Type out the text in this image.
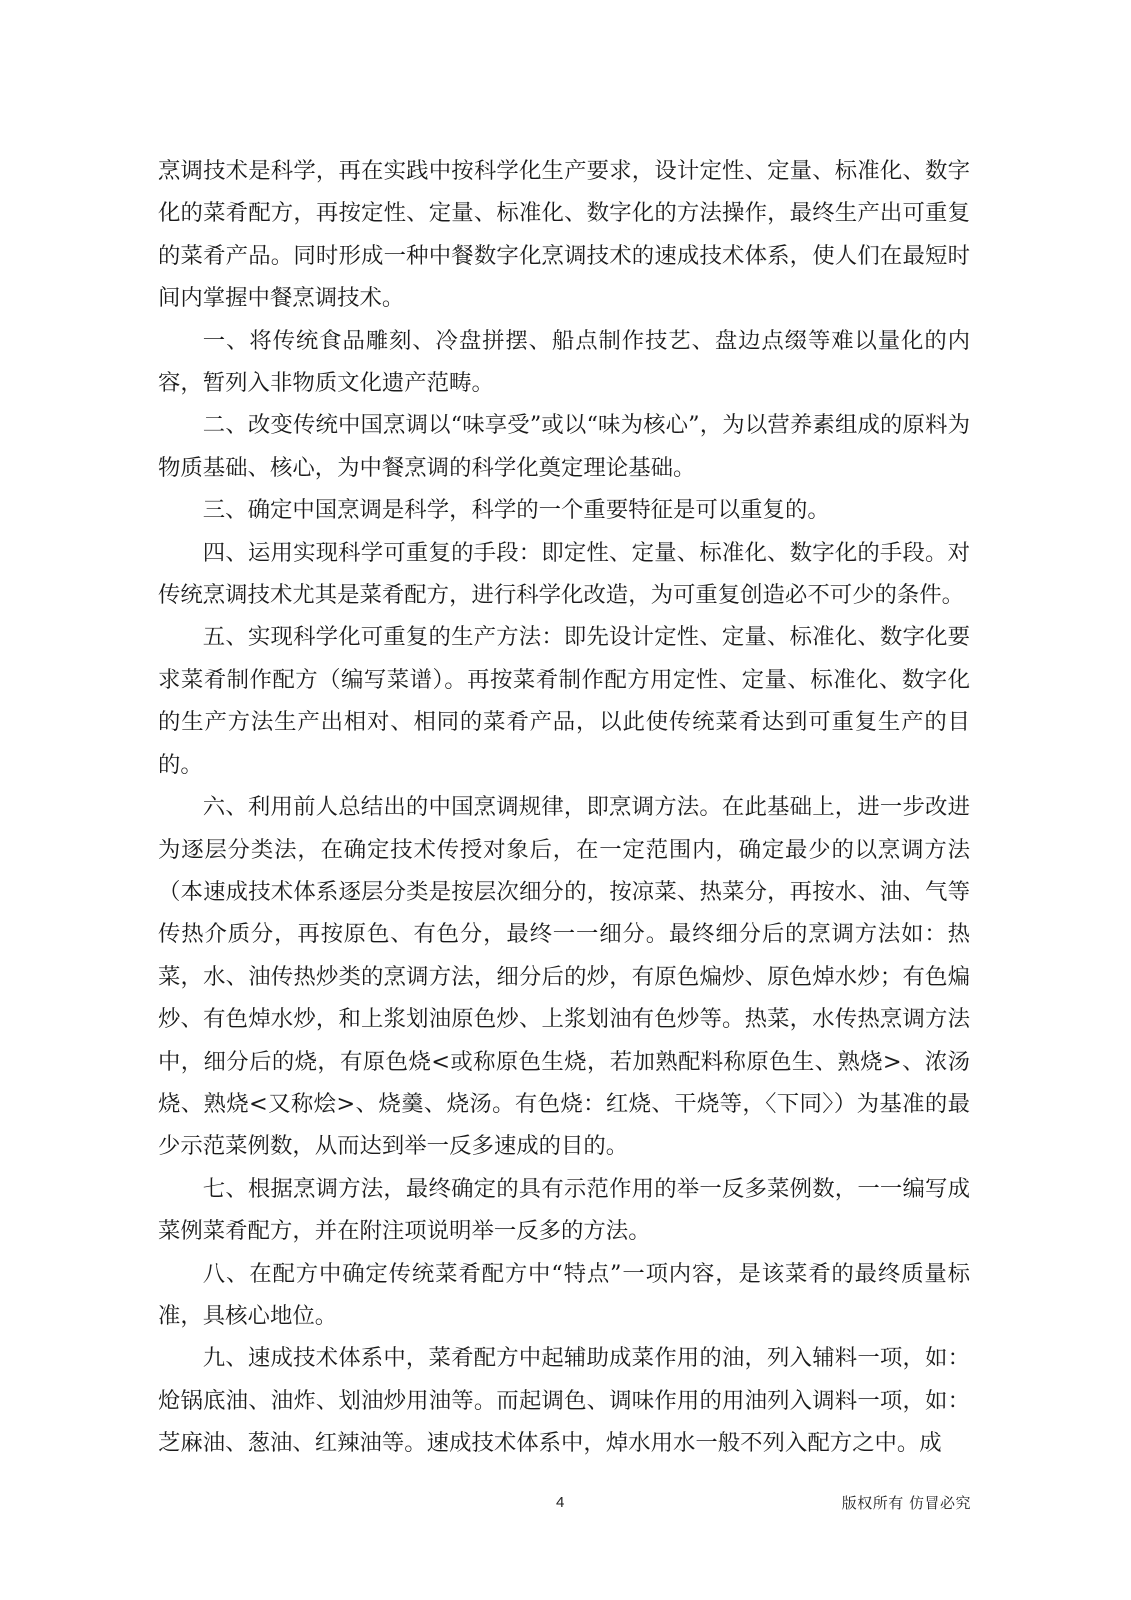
烹调技术是科学，再在实践中按科学化生产要求，设计定性、定量、标准化、数字化的菜肴配方，再按定性、定量、标准化、数字化的方法操作，最终生产出可重复的菜肴产品。同时形成一种中餐数字化烹调技术的速成技术体系，使人们在最短时间内掌握中餐烹调技术。

一、将传统食品雕刻、冷盘拼摆、船点制作技艺、盘边点缀等难以量化的内容，暂列入非物质文化遗产范畴。

二、改变传统中国烹调以“味享受”或以“味为核心”，为以营养素组成的原料为物质基础、核心，为中餐烹调的科学化奠定理论基础。

三、确定中国烹调是科学，科学的一个重要特征是可以重复的。

四、运用实现科学可重复的手段：即定性、定量、标准化、数字化的手段。对传统烹调技术尤其是菜肴配方，进行科学化改造，为可重复创造必不可少的条件。

五、实现科学化可重复的生产方法：即先设计定性、定量、标准化、数字化要求菜肴制作配方（编写菜谱）。再按菜肴制作配方用定性、定量、标准化、数字化的生产方法生产出相对、相同的菜肴产品，以此使传统菜肴达到可重复生产的目的。

六、利用前人总结出的中国烹调规律，即烹调方法。在此基础上，进一步改进为逐层分类法，在确定技术传授对象后，在一定范围内，确定最少的以烹调方法（本速成技术体系逐层分类是按层次细分的，按凉菜、热菜分，再按水、油、气等传热介质分，再按原色、有色分，最终一一细分。最终细分后的烹调方法如：热菜，水、油传热炒类的烹调方法，细分后的炒，有原色煸炒、原色焯水炒；有色煸炒、有色焯水炒，和上浆划油原色炒、上浆划油有色炒等。热菜，水传热烹调方法中，细分后的烧，有原色烧<或称原色生烧，若加熟配料称原色生、熟烧>、浓汤烧、熟烧<又称烩>、烧羹、烧汤。有色烧：红烧、干烧等，〈下同〉）为基准的最少示范菜例数，从而达到举一反多速成的目的。

七、根据烹调方法，最终确定的具有示范作用的举一反多菜例数，一一编写成菜例菜肴配方，并在附注项说明举一反多的方法。

八、在配方中确定传统菜肴配方中“特点”一项内容，是该菜肴的最终质量标准，具核心地位。

九、速成技术体系中，菜肴配方中起辅助成菜作用的油，列入辅料一项，如：炝锅底油、油炸、划油炒用油等。而起调色、调味作用的用油列入调料一项，如：芝麻油、葱油、红辣油等。速成技术体系中，焯水用水一般不列入配方之中。成

4	版权所有 仿冒必究
